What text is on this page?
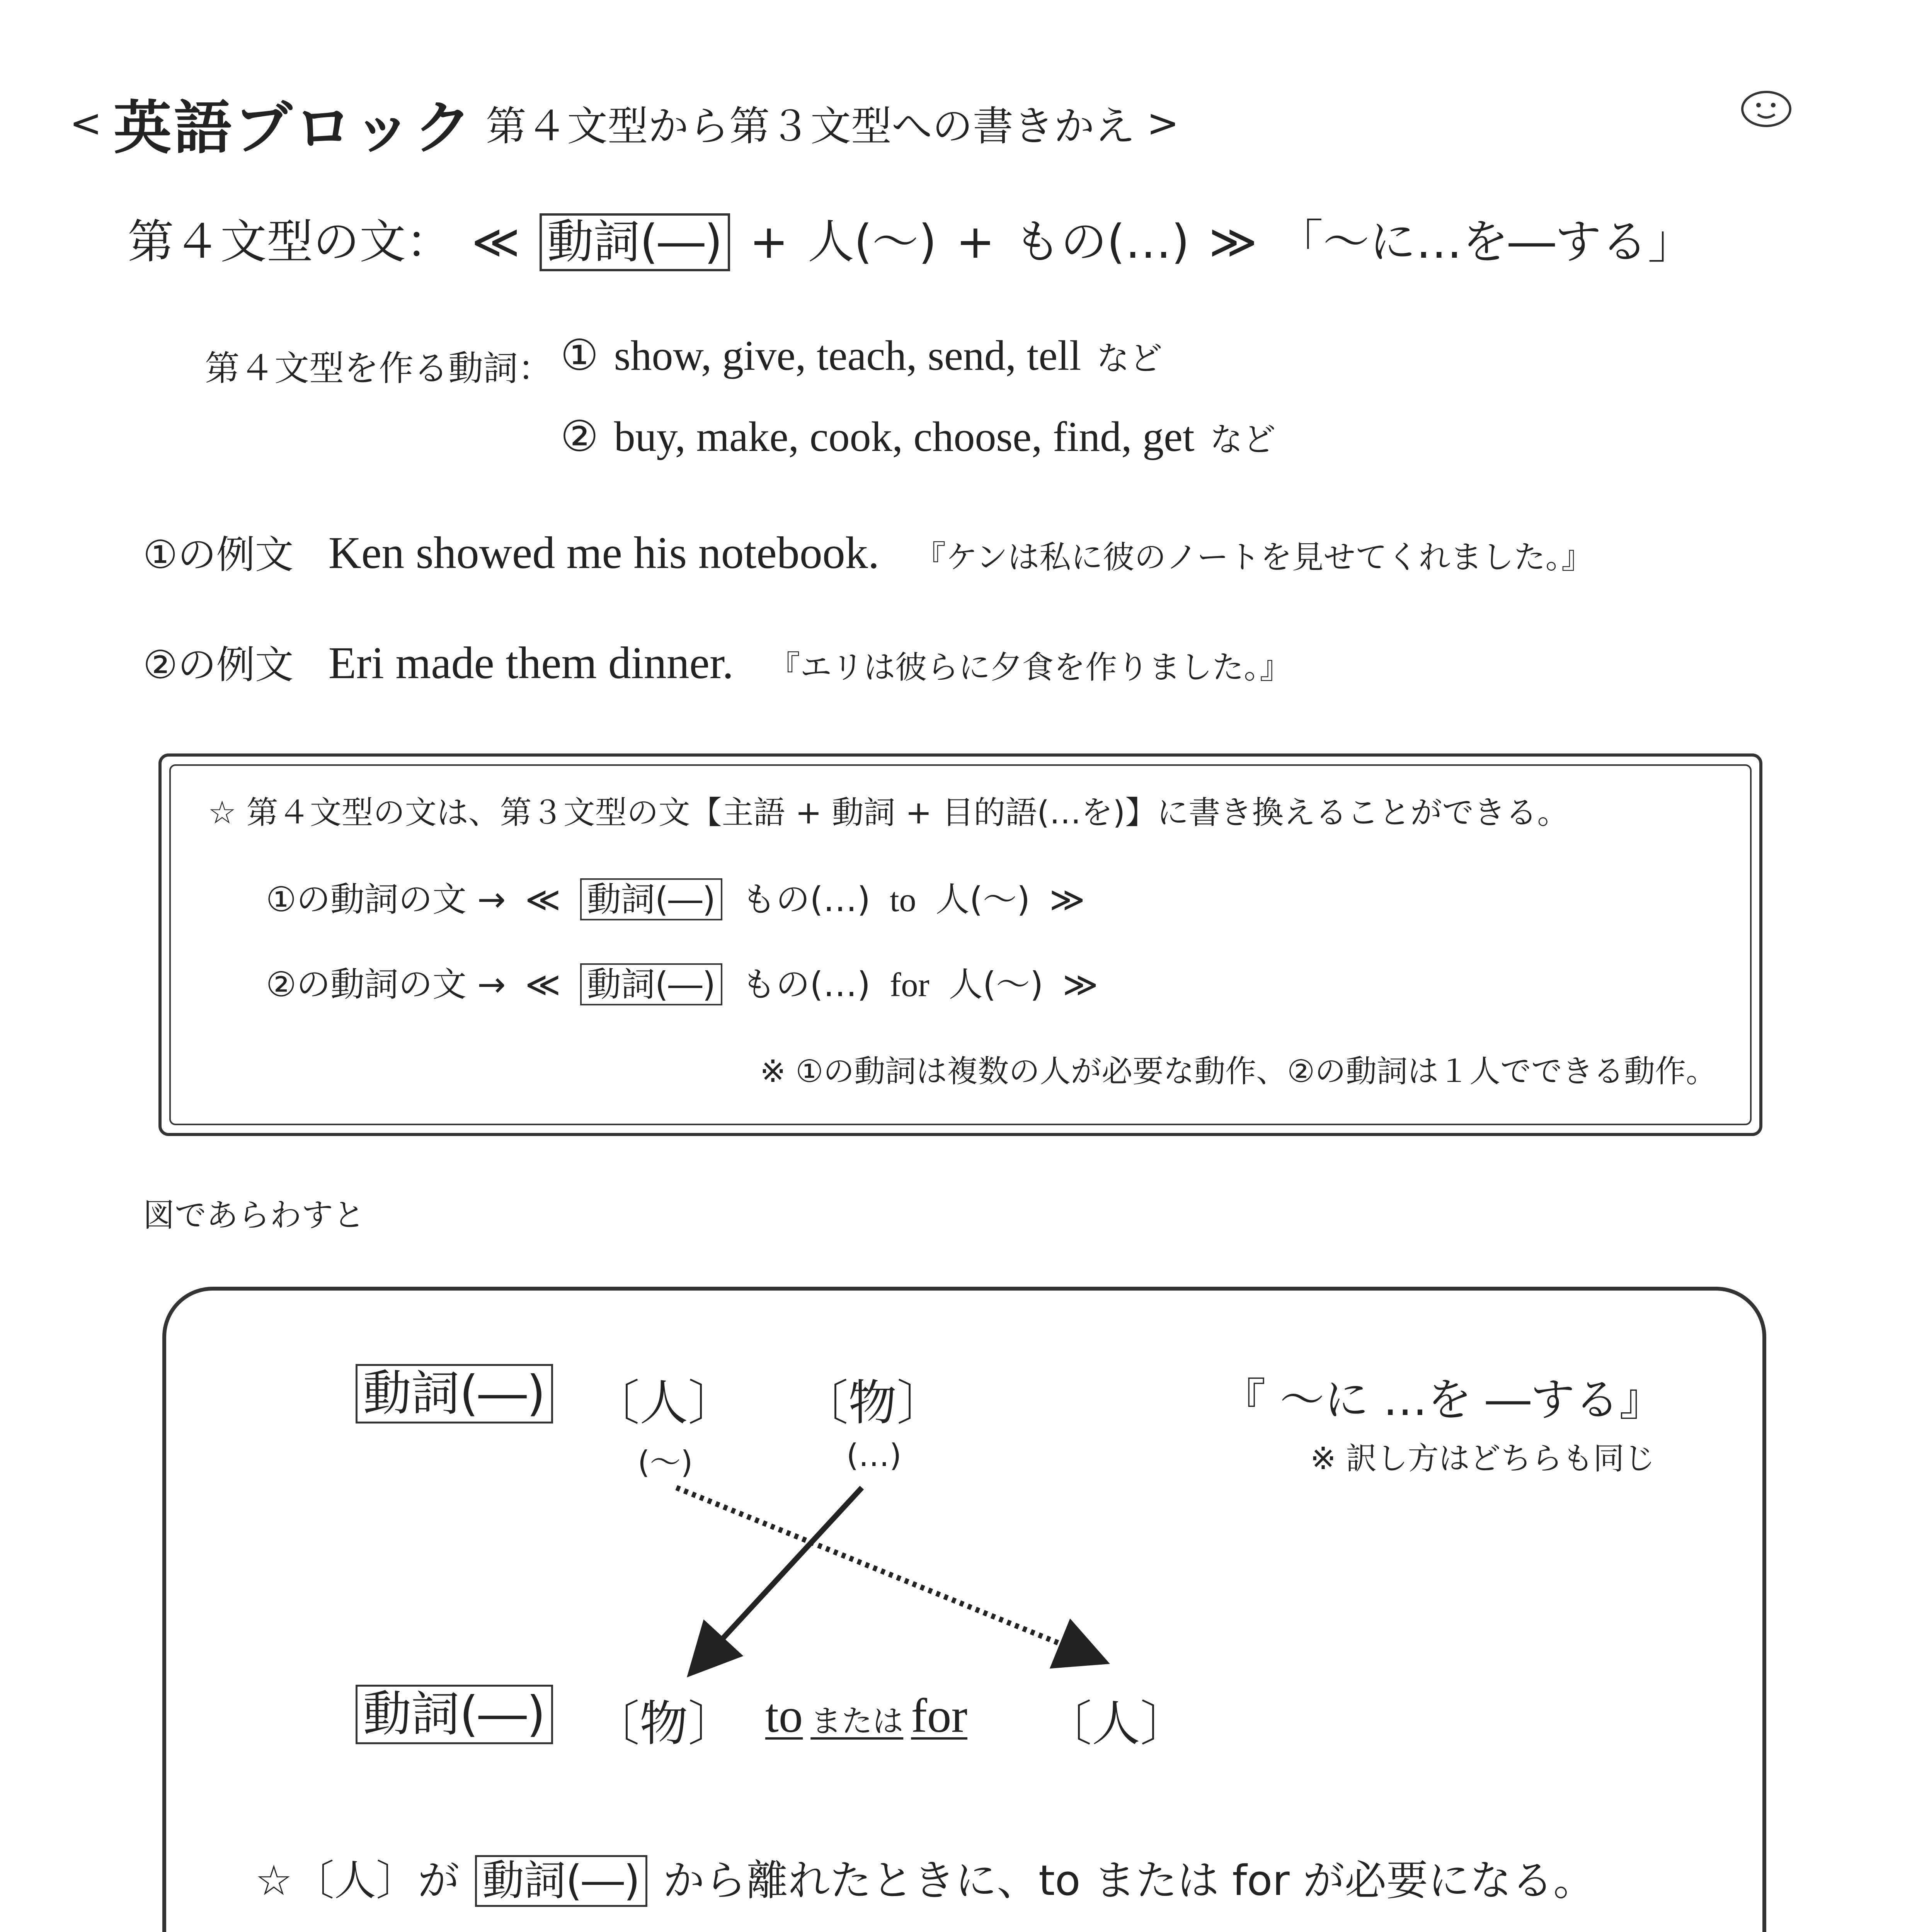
< 英語ブロック 第４文型から第３文型への書きかえ >
第４文型の文： ≪ 動詞(―) + 人(〜) + もの(…) ≫ 「〜に…を―する」
第４文型を作る動詞： ① show, give, teach, send, tell など
② buy, make, cook, choose, find, get など
①の例文 Ken showed me his notebook. 『ケンは私に彼のノートを見せてくれました。』
②の例文 Eri made them dinner. 『エリは彼らに夕食を作りました。』
☆ 第４文型の文は、第３文型の文【主語 + 動詞 + 目的語(…を)】に書き換えることができる。
①の動詞の文 → ≪ 動詞(―) もの(…) to 人(〜) ≫
②の動詞の文 → ≪ 動詞(―) もの(…) for 人(〜) ≫
※ ①の動詞は複数の人が必要な動作、②の動詞は１人でできる動作。
図であらわすと
動詞(―) 〔人〕 〔物〕
(〜)	(…)
『 〜に …を ―する』
※ 訳し方はどちらも同じ
動詞(―) 〔物〕 to または for 〔人〕
☆〔人〕が 動詞(―) から離れたときに、to または for が必要になる。
